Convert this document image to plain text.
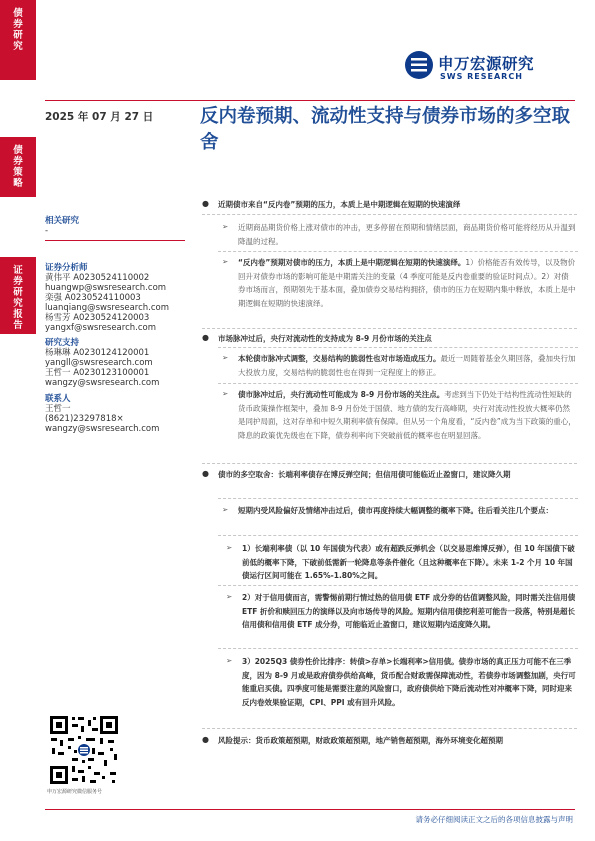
债
券
研
究
债
券
策
略
证
券
研
究
报
告
申万宏源研究
SWS RESEARCH
2025 年 07 月 27 日	反内卷预期、流动性支持与债券市场的多空取舍
相关研究
-
证券分析师
黄伟平 A0230524110002
huangwp@swsresearch.com
栾强 A0230524110003
luanqiang@swsresearch.com
杨雪芳 A0230524120003
yangxf@swsresearch.com
研究支持
杨琳琳 A0230124120001
yangll@swsresearch.com
王哲一 A0230123100001
wangzy@swsresearch.com
联系人
王哲一
(8621)23297818×
wangzy@swsresearch.com
● 近期债市来自“反内卷”预期的压力，本质上是中期逻辑在短期的快速演绎
➢ 近期商品期货价格上涨对债市的冲击，更多停留在预期和情绪层面，商品期货价格可能将经历从升温到降温的过程。
➢ “反内卷”预期对债市的压力，本质上是中期逻辑在短期的快速演绎。1）价格能否有效传导，以及物价回升对债券市场的影响可能是中期需关注的变量（4 季度可能是反内卷重要的验证时间点）。2）对债券市场而言，预期领先于基本面，叠加债券交易结构拥挤，债市的压力在短期内集中释放，本质上是中期逻辑在短期的快速演绎。
● 市场脉冲过后，央行对流动性的支持成为 8-9 月份市场的关注点
➢ 本轮债市脉冲式调整，交易结构的脆弱性也对市场造成压力。最近一周随着基金久期回落，叠加央行加大投放力度，交易结构的脆弱性也在得到一定程度上的修正。
➢ 债市脉冲过后，央行流动性可能成为 8-9 月份市场的关注点。考虑到当下仍处于结构性流动性短缺的货币政策操作框架中，叠加 8-9 月份处于国债、地方债的发行高峰期，央行对流动性投放大概率仍然是同护局面，这对存单和中短久期利率债有保障。但从另一个角度看，“反内卷”成为当下政策的重心，降息的政策优先级也在下降，债券利率向下突破前低的概率也在明显回落。
● 债市的多空取舍：长端利率债存在博反弹空间；但信用债可能临近止盈窗口，建议降久期
➢ 短期内受风险偏好及情绪冲击过后，债市再度持续大幅调整的概率下降。往后看关注几个要点：
➢ 1）长端利率债（以 10 年国债为代表）或有超跌反弹机会（以交易思维博反弹），但 10 年国债下破前低的概率下降，下破前低需新一轮降息等条件催化（且这种概率在下降）。未来 1-2 个月 10 年国债运行区间可能在 1.65%-1.80%之间。
➢ 2）对于信用债而言，需警惕前期行情过热的信用债 ETF 成分券的估值调整风险，同时需关注信用债 ETF 折价和赎回压力的演绎以及向市场传导的风险。短期内信用债挖利差可能告一段落，特别是超长信用债和信用债 ETF 成分券，可能临近止盈窗口，建议短期内适度降久期。
➢ 3）2025Q3 债券性价比排序：转债>存单>长端利率>信用债。债券市场的真正压力可能不在三季度，因为 8-9 月或是政府债券供给高峰，货币配合财政需保障流动性，若债券市场调整加剧，央行可能重启买债。四季度可能是需要注意的风险窗口，政府债供给下降后流动性对冲概率下降，同时迎来反内卷效果验证期，CPI、PPI 或有回升风险。
● 风险提示：货币政策超预期，财政政策超预期，地产销售超预期，海外环境变化超预期
申万宏源研究微信服务号
请务必仔细阅读正文之后的各项信息披露与声明
